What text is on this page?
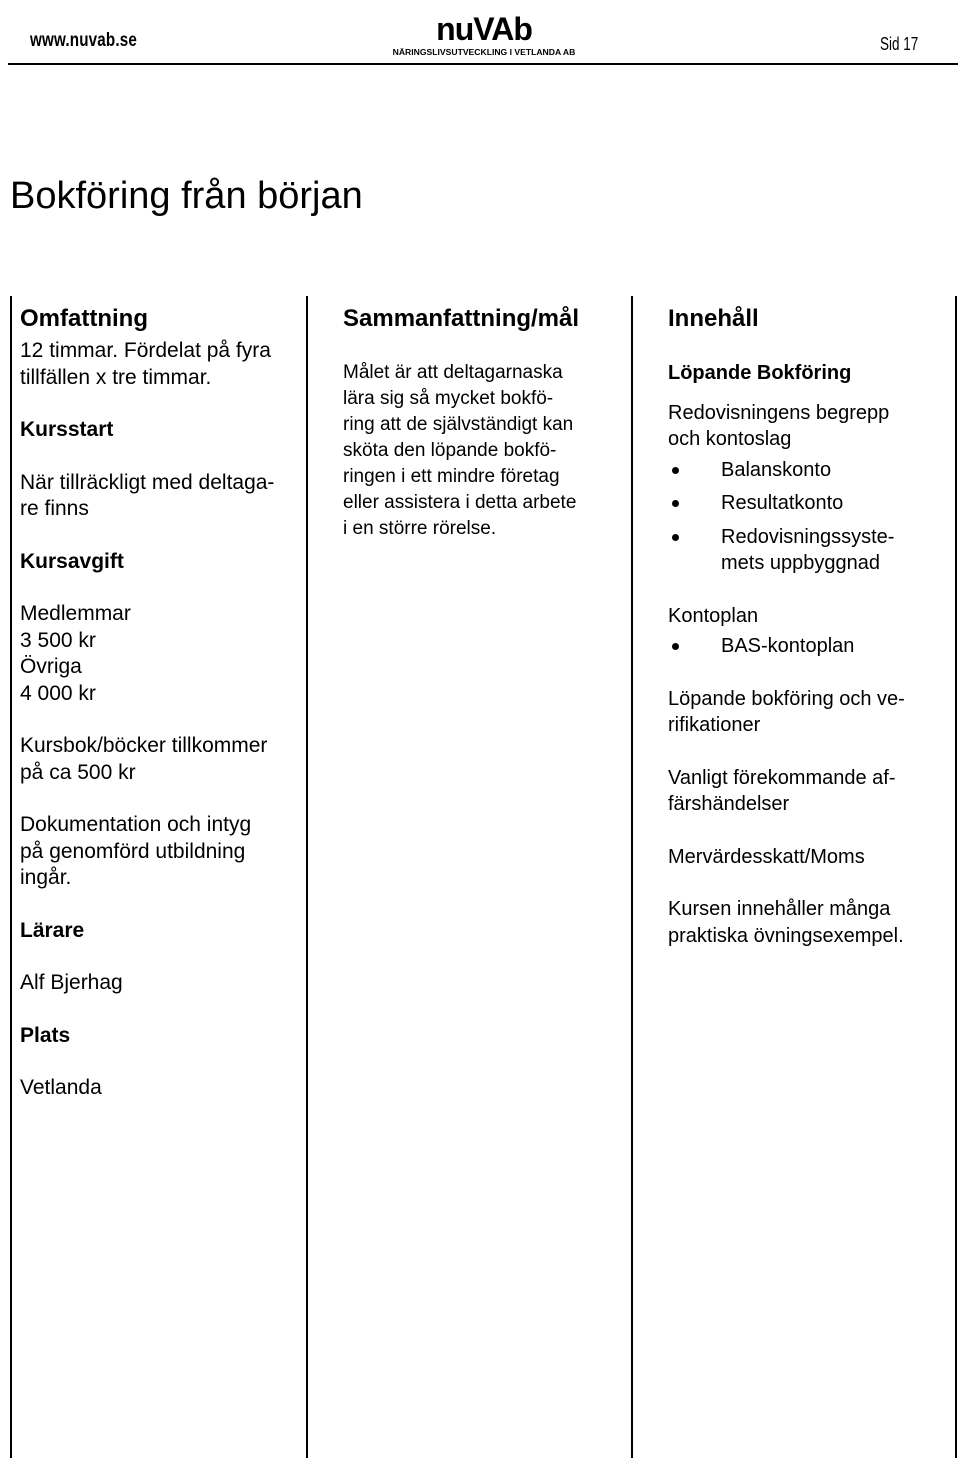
www.nuvab.se	nuVAb
NÄRINGSLIVSUTVECKLING I VETLANDA AB	Sid 17
Bokföring från början

Omfattning

12 timmar. Fördelat på fyra

tillfällen x tre timmar.

Kursstart

När tillräckligt med deltaga-

re finns

Kursavgift

Medlemmar

3 500 kr

Övriga

4 000 kr

Kursbok/böcker tillkommer

på ca 500 kr

Dokumentation och intyg

på genomförd utbildning

ingår.

Lärare

Alf Bjerhag

Plats

Vetlanda

Sammanfattning/mål

Målet är att deltagarnaska

lära sig så mycket bokfö-

ring att de självständigt kan

sköta den löpande bokfö-

ringen i ett mindre företag

eller assistera i detta arbete

i en större rörelse.

Innehåll

Löpande Bokföring

Redovisningens begrepp

och kontoslag

Balanskonto
Resultatkonto
Redovisningssyste-
mets uppbyggnad

Kontoplan

BAS-kontoplan

Löpande bokföring och ve-

rifikationer

Vanligt förekommande af-

färshändelser

Mervärdesskatt/Moms

Kursen innehåller många

praktiska övningsexempel.
